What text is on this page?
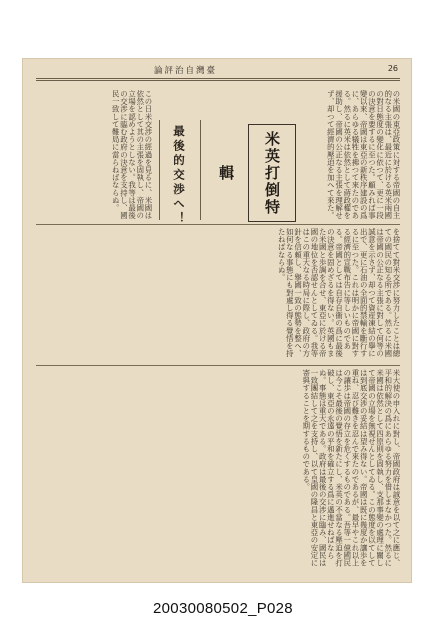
論評治自灣臺	26
の米國の東亞政策に対する帝國の自主的なる主張は、最近に於ける英米兩國の對日態度の變化に依つて、更に一段の決意を要するに至つた。顧みれば事變以來、帝國は東亞の新秩序建設の爲に、あらゆる犠牲を拂つて來たのである。然るに英米は依然として蔣政權を援助し、帝國の公正なる主張を理解せず、却つて經濟的壓迫を加へて來た。
米英打倒特輯
最後的交渉へ！
この日米交渉の經過を見るに、米國は依然として其の主張を固執し、帝國の立場を認めようとしない。我等は最後の交渉に臨む政府の決意を支持し、國民一致して難局に當らねばならぬ。
を捨てて對米交渉に努力したことは總ての國民の知る所である。然るに米國は帝國の公正なる主張に對して何等の誠意を示さず、却つて資産凍結の擧に出で、更に石油の全面的禁輸を斷行するに至つた。これは明かに帝國に對する經濟的宣戰布告に等しいものである。帝國としては自存自衞の爲に最後の決意を固めざるを得ない。英國もまた米國と歩調を合せ、東亞に於ける帝國の地位を否認せんとしてゐる。我等はこの重大なる時局に際し、政府の方針を信頼し、擧國一致の態勢を整へ、如何なる事態にも對處し得る覺悟を持たねばならぬ。
米大使の申入れに對し、帝國政府は誠意を以て之に應じ、平和的解決の爲にあらゆる努力を惜しまなかつた。然るに米國は依然として四原則を固執し、支那事變の處理に關して帝國の立場を無視せんとしてゐる。この態度を以てしては到底交渉の妥結は望み得ない。帝國は既に幾度か讓歩を重ね、忍び難きを忍んで來たのであるが、最早やこれ以上の讓歩は帝國の存立を危くするものである。吾等一億國民は今こそ最後の覺悟を新たにし、米英の不當なる壓迫を打破し、東亞の永遠の平和を確立する爲に邁進せねばならぬ。事態は重大である。政府は最後の交渉に臨み、國民は一致團結して之を支持し、以て皇國の隆昌と東亞の安定に寄與することを期するものである。
20030080502_P028
